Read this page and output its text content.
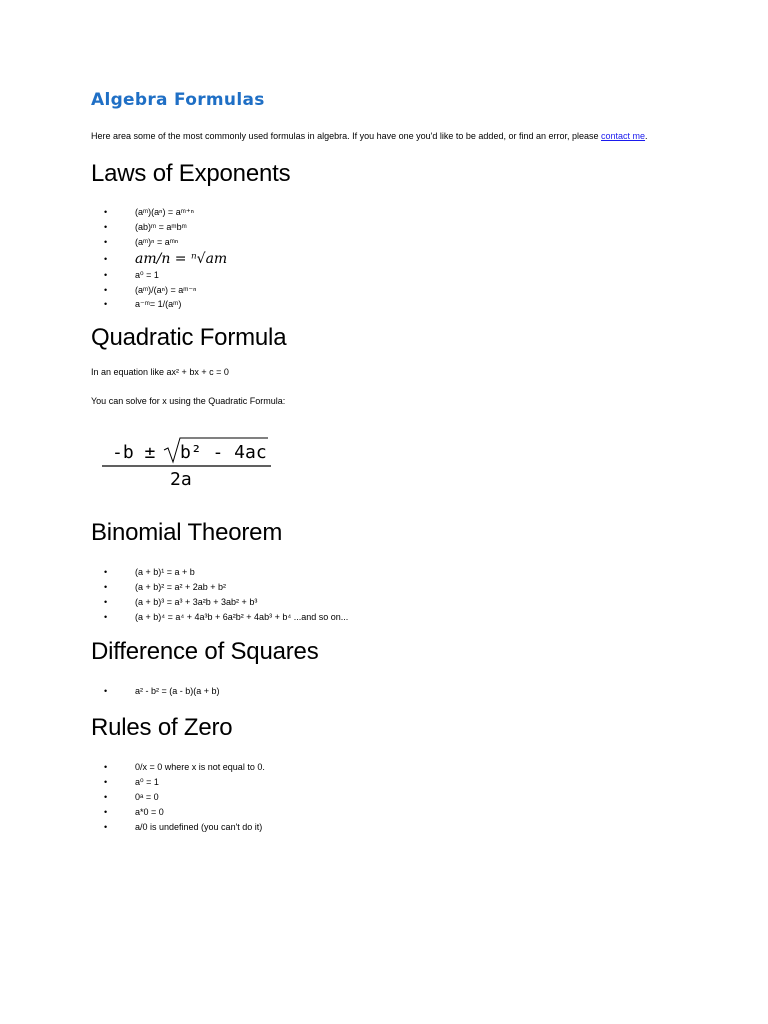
Algebra Formulas
Here area some of the most commonly used formulas in algebra. If you have one you'd like to be added, or find an error, please contact me.
Laws of Exponents
•	(aᵐ)(aⁿ) = aᵐ⁺ⁿ
•	(ab)ᵐ = aᵐbᵐ
•	(aᵐ)ⁿ = aᵐⁿ
• am/n = ⁿ√am
•	a⁰ = 1
•	(aᵐ)/(aⁿ) = aᵐ⁻ⁿ
•	a⁻ᵐ= 1/(aᵐ)
Quadratic Formula
In an equation like ax² + bx + c = 0
You can solve for x using the Quadratic Formula:
-b ± b² - 4ac
2a
Binomial Theorem
•	(a + b)¹ = a + b
•	(a + b)² = a² + 2ab + b²
•	(a + b)³ = a³ + 3a²b + 3ab² + b³
•	(a + b)⁴ = a⁴ + 4a³b + 6a²b² + 4ab³ + b⁴ ...and so on...
Difference of Squares
•	a² - b² = (a - b)(a + b)
Rules of Zero
•	0/x = 0 where x is not equal to 0.
•	a⁰ = 1
•	0ᵃ = 0
•	a*0 = 0
•	a/0 is undefined (you can't do it)
